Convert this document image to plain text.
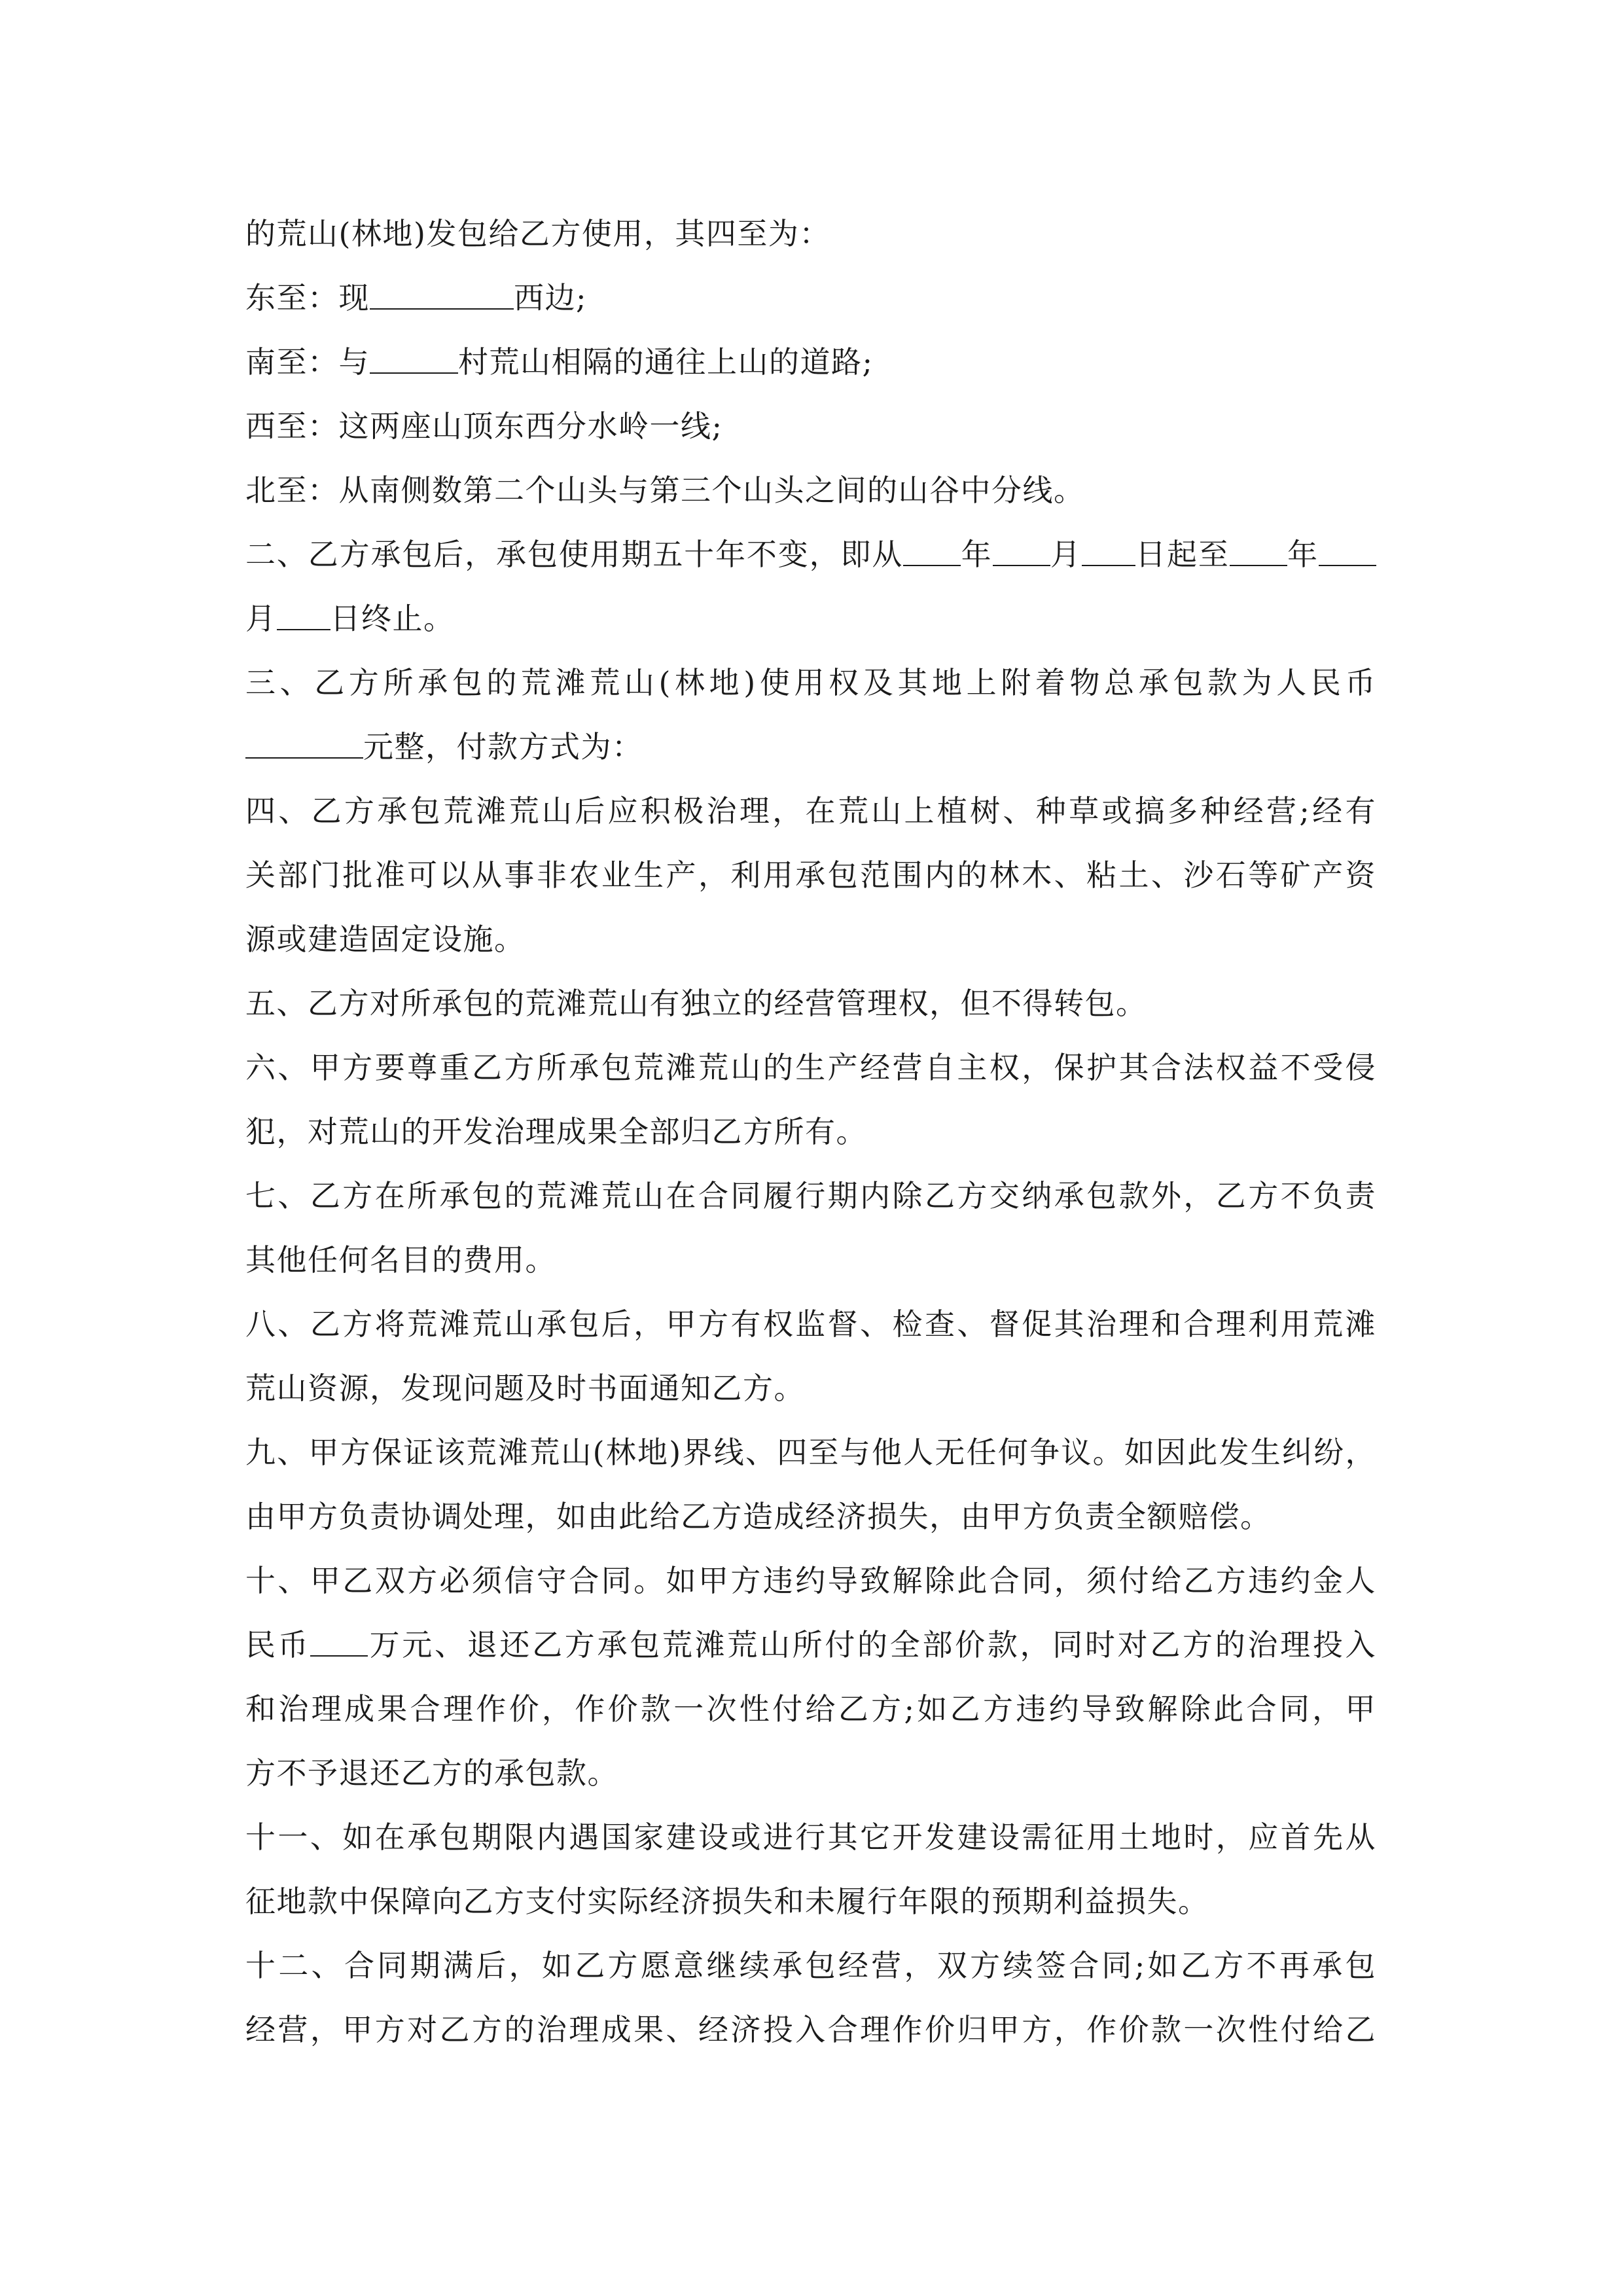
的荒山(林地)发包给乙方使用，其四至为：
东至：现	西边;
南至：与	村荒山相隔的通往上山的道路;
西至：这两座山顶东西分水岭一线;
北至：从南侧数第二个山头与第三个山头之间的山谷中分线。
二、乙方承包后，承包使用期五十年不变，即从 年 月 日起至 年
月 日终止。
三、乙方所承包的荒滩荒山(林地)使用权及其地上附着物总承包款为人民币
元整，付款方式为：
四、乙方承包荒滩荒山后应积极治理，在荒山上植树、种草或搞多种经营;经有
关部门批准可以从事非农业生产，利用承包范围内的林木、粘土、沙石等矿产资
源或建造固定设施。
五、乙方对所承包的荒滩荒山有独立的经营管理权，但不得转包。
六、甲方要尊重乙方所承包荒滩荒山的生产经营自主权，保护其合法权益不受侵
犯，对荒山的开发治理成果全部归乙方所有。
七、乙方在所承包的荒滩荒山在合同履行期内除乙方交纳承包款外，乙方不负责
其他任何名目的费用。
八、乙方将荒滩荒山承包后，甲方有权监督、检查、督促其治理和合理利用荒滩
荒山资源，发现问题及时书面通知乙方。
九、甲方保证该荒滩荒山(林地)界线、四至与他人无任何争议。如因此发生纠纷，
由甲方负责协调处理，如由此给乙方造成经济损失，由甲方负责全额赔偿。
十、甲乙双方必须信守合同。如甲方违约导致解除此合同，须付给乙方违约金人
民币 万元、退还乙方承包荒滩荒山所付的全部价款，同时对乙方的治理投入
和治理成果合理作价，作价款一次性付给乙方;如乙方违约导致解除此合同，甲
方不予退还乙方的承包款。
十一、如在承包期限内遇国家建设或进行其它开发建设需征用土地时，应首先从
征地款中保障向乙方支付实际经济损失和未履行年限的预期利益损失。
十二、合同期满后，如乙方愿意继续承包经营，双方续签合同;如乙方不再承包
经营，甲方对乙方的治理成果、经济投入合理作价归甲方，作价款一次性付给乙
